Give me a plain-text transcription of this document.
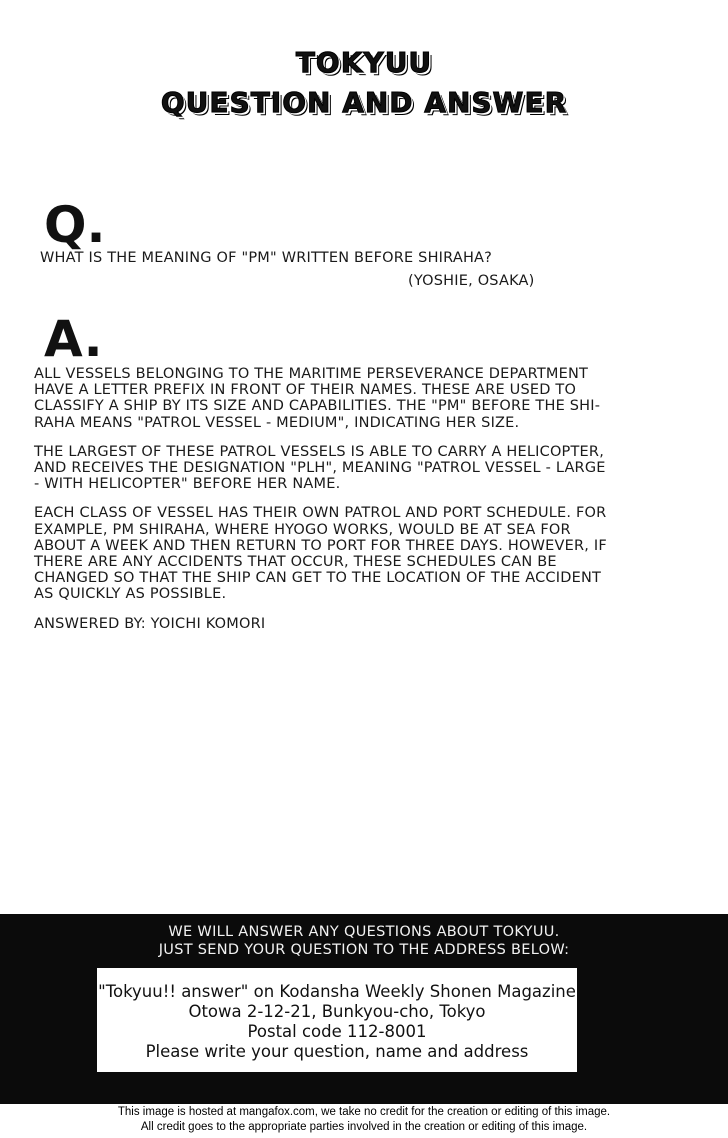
TOKYUU
QUESTION AND ANSWER
Q.
WHAT IS THE MEANING OF "PM" WRITTEN BEFORE SHIRAHA?
(YOSHIE, OSAKA)
A.
ALL VESSELS BELONGING TO THE MARITIME PERSEVERANCE DEPARTMENT
HAVE A LETTER PREFIX IN FRONT OF THEIR NAMES. THESE ARE USED TO
CLASSIFY A SHIP BY ITS SIZE AND CAPABILITIES. THE "PM" BEFORE THE SHI-
RAHA MEANS "PATROL VESSEL - MEDIUM", INDICATING HER SIZE.
THE LARGEST OF THESE PATROL VESSELS IS ABLE TO CARRY A HELICOPTER,
AND RECEIVES THE DESIGNATION "PLH", MEANING "PATROL VESSEL - LARGE
- WITH HELICOPTER" BEFORE HER NAME.
EACH CLASS OF VESSEL HAS THEIR OWN PATROL AND PORT SCHEDULE. FOR
EXAMPLE, PM SHIRAHA, WHERE HYOGO WORKS, WOULD BE AT SEA FOR
ABOUT A WEEK AND THEN RETURN TO PORT FOR THREE DAYS. HOWEVER, IF
THERE ARE ANY ACCIDENTS THAT OCCUR, THESE SCHEDULES CAN BE
CHANGED SO THAT THE SHIP CAN GET TO THE LOCATION OF THE ACCIDENT
AS QUICKLY AS POSSIBLE.
ANSWERED BY: YOICHI KOMORI
WE WILL ANSWER ANY QUESTIONS ABOUT TOKYUU.
JUST SEND YOUR QUESTION TO THE ADDRESS BELOW:
"Tokyuu!! answer" on Kodansha Weekly Shonen Magazine
Otowa 2-12-21, Bunkyou-cho, Tokyo
Postal code 112-8001
Please write your question, name and address
This image is hosted at mangafox.com, we take no credit for the creation or editing of this image.
All credit goes to the appropriate parties involved in the creation or editing of this image.
